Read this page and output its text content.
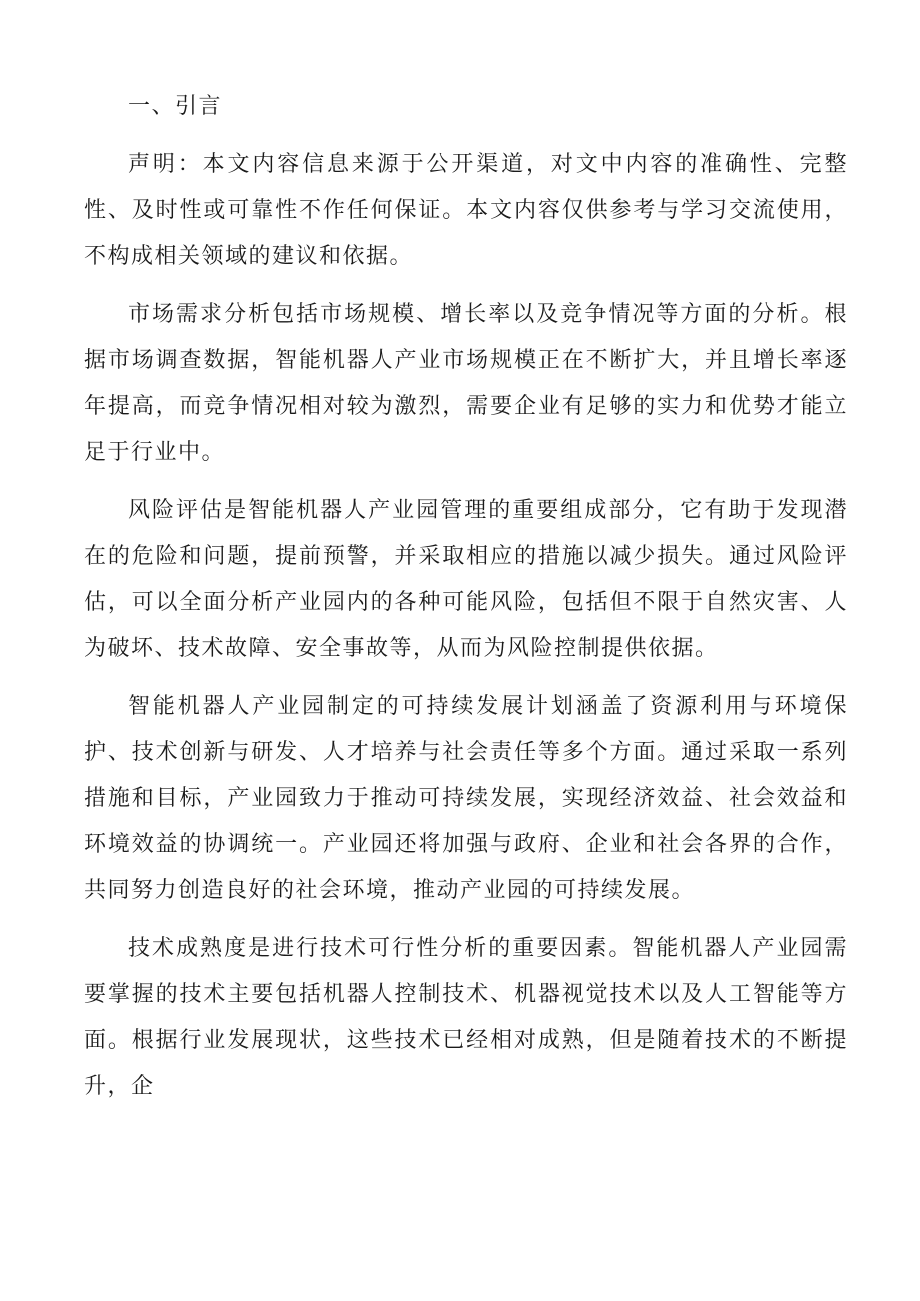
一、引言

声明：本文内容信息来源于公开渠道，对文中内容的准确性、完整性、及时性或可靠性不作任何保证。本文内容仅供参考与学习交流使用，不构成相关领域的建议和依据。

市场需求分析包括市场规模、增长率以及竞争情况等方面的分析。根据市场调查数据，智能机器人产业市场规模正在不断扩大，并且增长率逐年提高，而竞争情况相对较为激烈，需要企业有足够的实力和优势才能立足于行业中。

风险评估是智能机器人产业园管理的重要组成部分，它有助于发现潜在的危险和问题，提前预警，并采取相应的措施以减少损失。通过风险评估，可以全面分析产业园内的各种可能风险，包括但不限于自然灾害、人为破坏、技术故障、安全事故等，从而为风险控制提供依据。

智能机器人产业园制定的可持续发展计划涵盖了资源利用与环境保护、技术创新与研发、人才培养与社会责任等多个方面。通过采取一系列措施和目标，产业园致力于推动可持续发展，实现经济效益、社会效益和环境效益的协调统一。产业园还将加强与政府、企业和社会各界的合作，共同努力创造良好的社会环境，推动产业园的可持续发展。

技术成熟度是进行技术可行性分析的重要因素。智能机器人产业园需要掌握的技术主要包括机器人控制技术、机器视觉技术以及人工智能等方面。根据行业发展现状，这些技术已经相对成熟，但是随着技术的不断提升，企
